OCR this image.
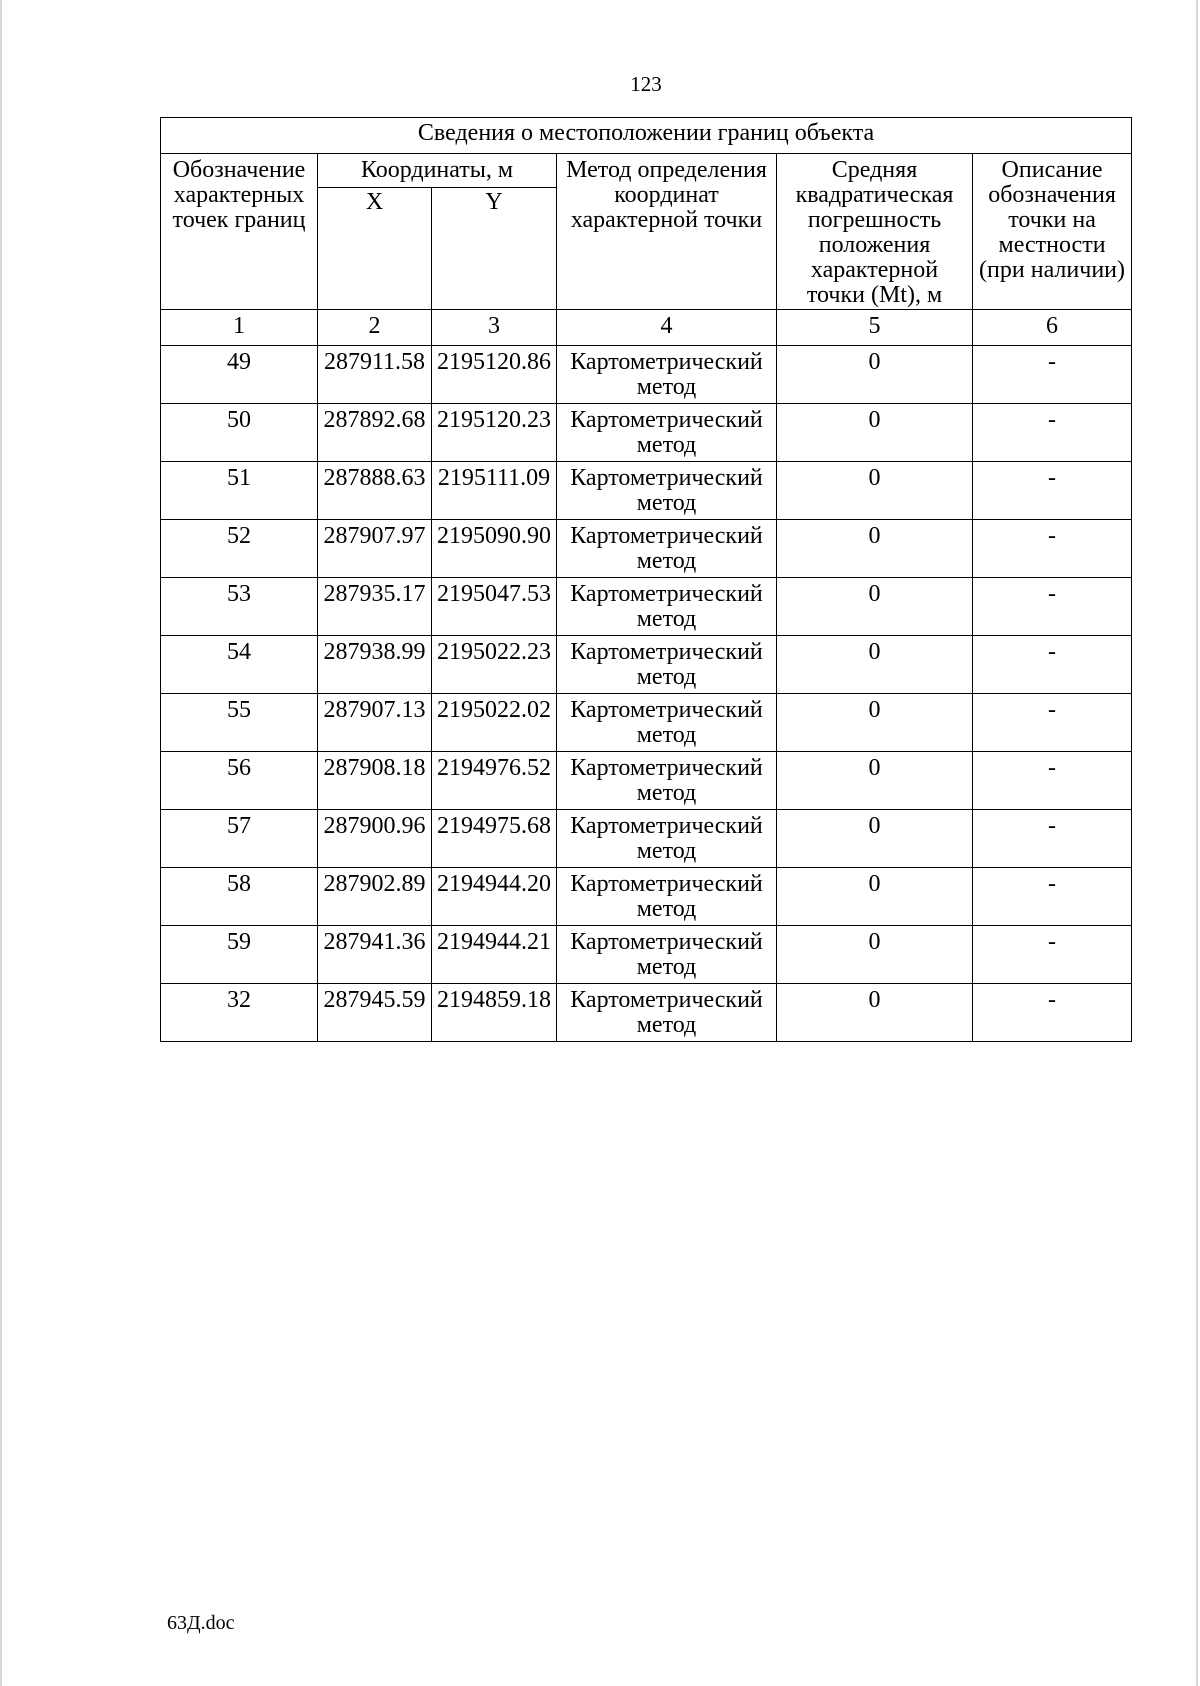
123
Сведения о местоположении границ объекта					
Обозначение характерных точек границ	Координаты, м		Метод определения координат характерной точки	Средняя квадратическая погрешность положения характерной точки (Mt), м	Описание обозначения точки на местности (при наличии)
	X	Y			
1	2	3	4	5	6
49	287911.58	2195120.86	Картометрический метод	0	-
50	287892.68	2195120.23	Картометрический метод	0	-
51	287888.63	2195111.09	Картометрический метод	0	-
52	287907.97	2195090.90	Картометрический метод	0	-
53	287935.17	2195047.53	Картометрический метод	0	-
54	287938.99	2195022.23	Картометрический метод	0	-
55	287907.13	2195022.02	Картометрический метод	0	-
56	287908.18	2194976.52	Картометрический метод	0	-
57	287900.96	2194975.68	Картометрический метод	0	-
58	287902.89	2194944.20	Картометрический метод	0	-
59	287941.36	2194944.21	Картометрический метод	0	-
32	287945.59	2194859.18	Картометрический метод	0	-
63Д.doc
